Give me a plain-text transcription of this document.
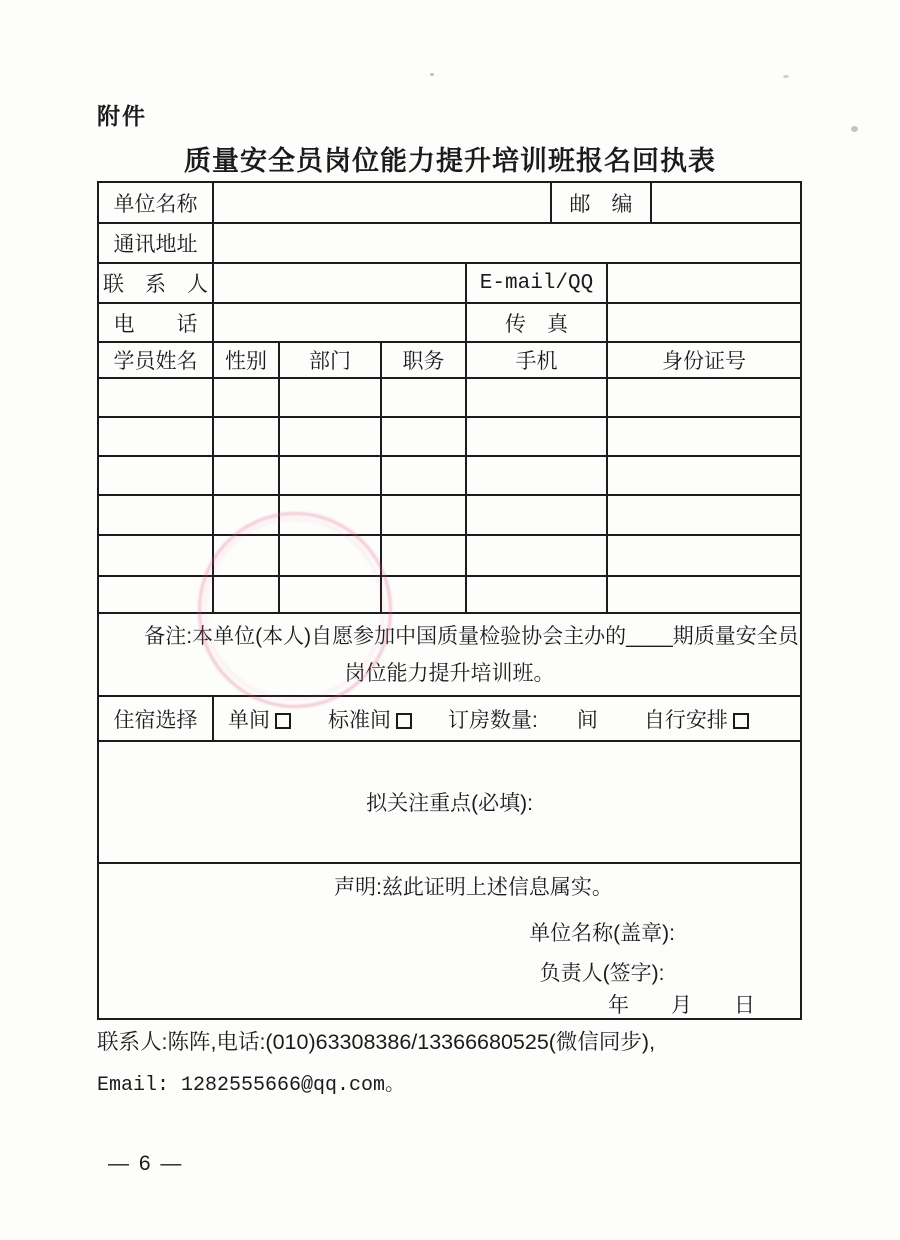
附件
质量安全员岗位能力提升培训班报名回执表
单位名称					邮　编		
通讯地址							
联　系　人				E-mail/QQ			
电　　话				传　真			
学员姓名	性别	部门	职务	手机		身份证号	

备注:本单位(本人)自愿参加中国质量检验协会主办的____期质量安全员岗位能力提升培训班。							
住宿选择	单间 标准间 订房数量: 间 自行安排						

拟关注重点(必填):							

声明:兹此证明上述信息属实。
单位名称(盖章):
负责人(签字):
年　　月　　日							
联系人:陈阵,电话:(010)63308386/13366680525(微信同步),
Email: 1282555666@qq.com。
— 6 —
